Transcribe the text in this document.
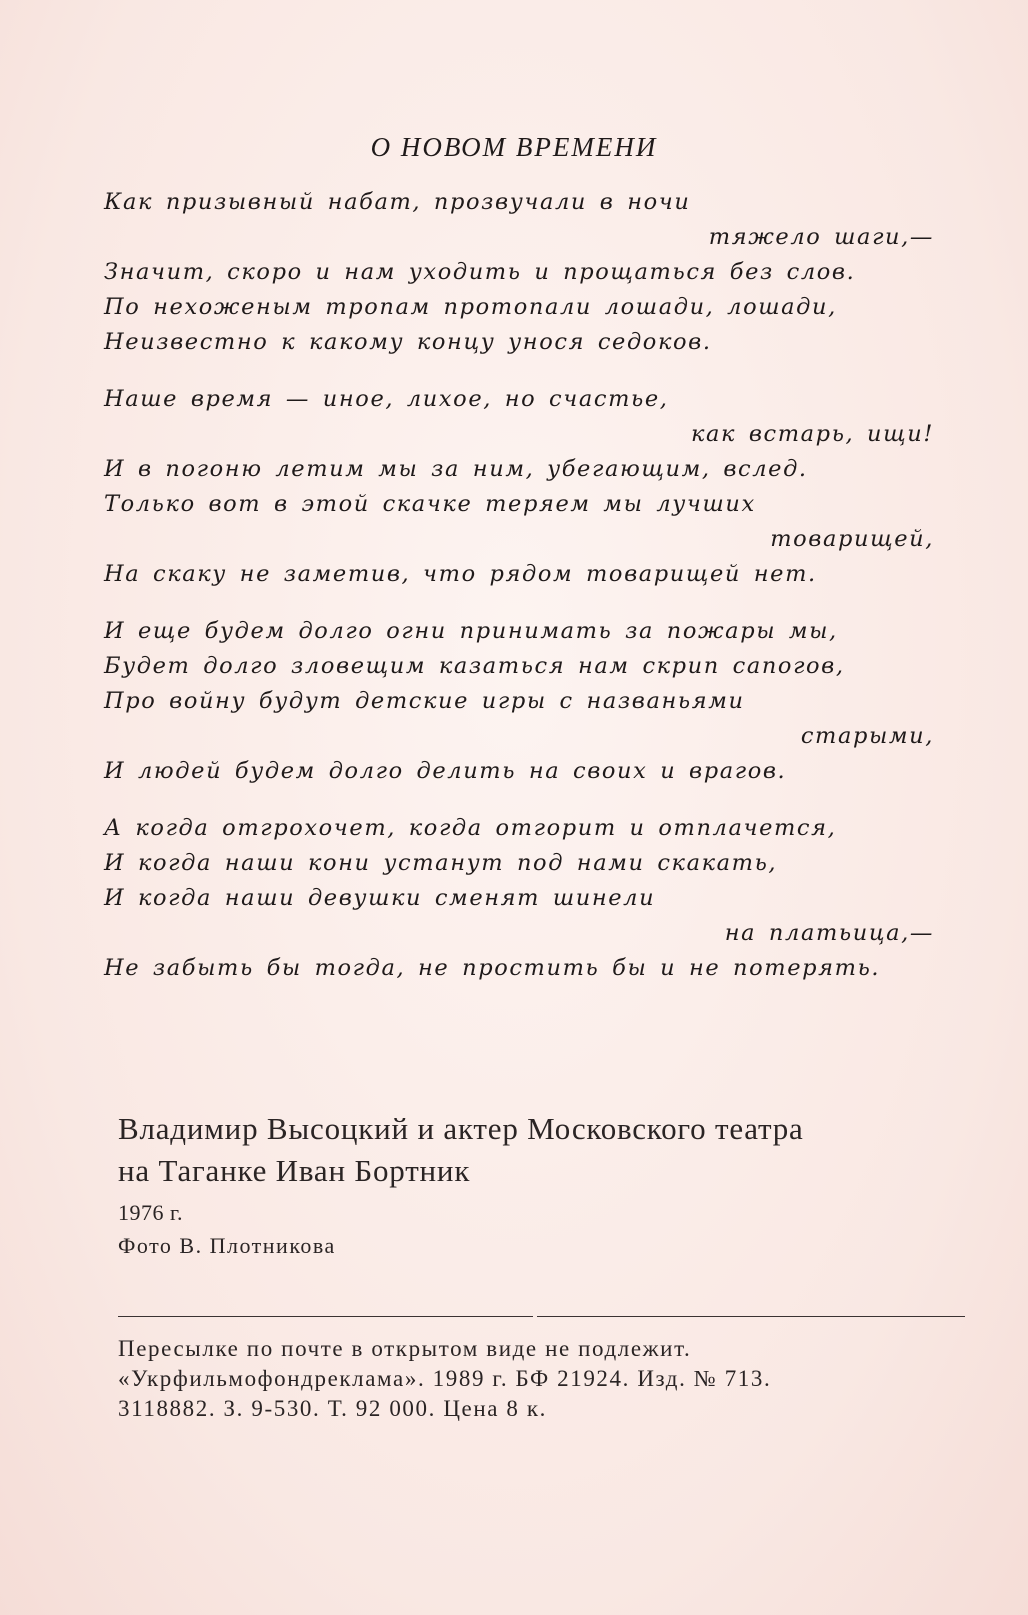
О НОВОМ ВРЕМЕНИ
Как призывный набат, прозвучали в ночи
тяжело шаги,—
Значит, скоро и нам уходить и прощаться без слов.
По нехоженым тропам протопали лошади, лошади,
Неизвестно к какому концу унося седоков.
Наше время — иное, лихое, но счастье,
как встарь, ищи!
И в погоню летим мы за ним, убегающим, вслед.
Только вот в этой скачке теряем мы лучших
товарищей,
На скаку не заметив, что рядом товарищей нет.
И еще будем долго огни принимать за пожары мы,
Будет долго зловещим казаться нам скрип сапогов,
Про войну будут детские игры с названьями
старыми,
И людей будем долго делить на своих и врагов.
А когда отгрохочет, когда отгорит и отплачется,
И когда наши кони устанут под нами скакать,
И когда наши девушки сменят шинели
на платьица,—
Не забыть бы тогда, не простить бы и не потерять.
Владимир Высоцкий и актер Московского театра
на Таганке Иван Бортник
1976 г.
Фото В. Плотникова
Пересылке по почте в открытом виде не подлежит.
«Укрфильмофондреклама». 1989 г. БФ 21924. Изд. № 713.
3118882. З. 9-530. Т. 92 000. Цена 8 к.
